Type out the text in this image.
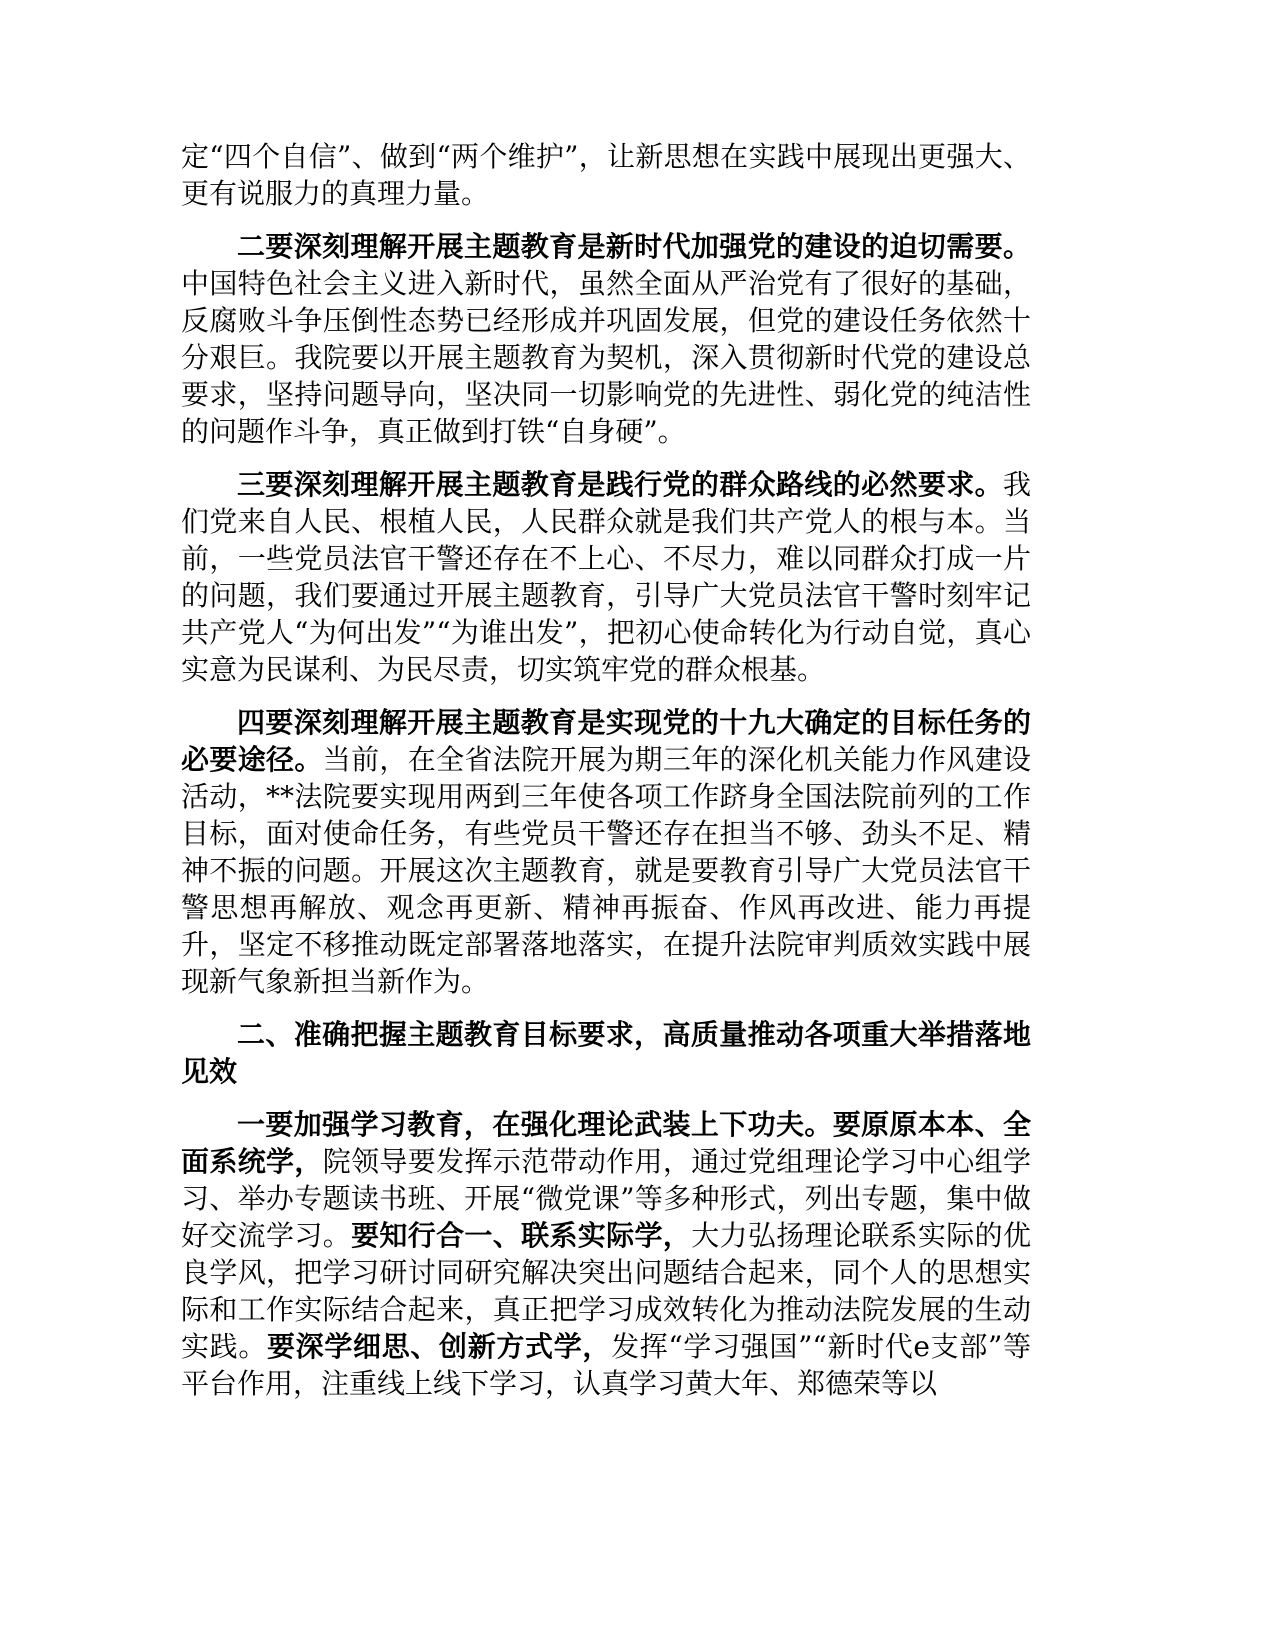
定“四个自信”、做到“两个维护”，让新思想在实践中展现出更强大、更有说服力的真理力量。

二要深刻理解开展主题教育是新时代加强党的建设的迫切需要。中国特色社会主义进入新时代，虽然全面从严治党有了很好的基础，反腐败斗争压倒性态势已经形成并巩固发展，但党的建设任务依然十分艰巨。我院要以开展主题教育为契机，深入贯彻新时代党的建设总要求，坚持问题导向，坚决同一切影响党的先进性、弱化党的纯洁性的问题作斗争，真正做到打铁“自身硬”。

三要深刻理解开展主题教育是践行党的群众路线的必然要求。我们党来自人民、根植人民，人民群众就是我们共产党人的根与本。当前，一些党员法官干警还存在不上心、不尽力，难以同群众打成一片的问题，我们要通过开展主题教育，引导广大党员法官干警时刻牢记共产党人“为何出发”“为谁出发”，把初心使命转化为行动自觉，真心实意为民谋利、为民尽责，切实筑牢党的群众根基。

四要深刻理解开展主题教育是实现党的十九大确定的目标任务的必要途径。当前，在全省法院开展为期三年的深化机关能力作风建设活动，**法院要实现用两到三年使各项工作跻身全国法院前列的工作目标，面对使命任务，有些党员干警还存在担当不够、劲头不足、精神不振的问题。开展这次主题教育，就是要教育引导广大党员法官干警思想再解放、观念再更新、精神再振奋、作风再改进、能力再提升，坚定不移推动既定部署落地落实，在提升法院审判质效实践中展现新气象新担当新作为。

二、准确把握主题教育目标要求，高质量推动各项重大举措落地见效

一要加强学习教育，在强化理论武装上下功夫。要原原本本、全面系统学，院领导要发挥示范带动作用，通过党组理论学习中心组学习、举办专题读书班、开展“微党课”等多种形式，列出专题，集中做好交流学习。要知行合一、联系实际学，大力弘扬理论联系实际的优良学风，把学习研讨同研究解决突出问题结合起来，同个人的思想实际和工作实际结合起来，真正把学习成效转化为推动法院发展的生动实践。要深学细思、创新方式学，发挥“学习强国”“新时代e支部”等平台作用，注重线上线下学习，认真学习黄大年、郑德荣等以
